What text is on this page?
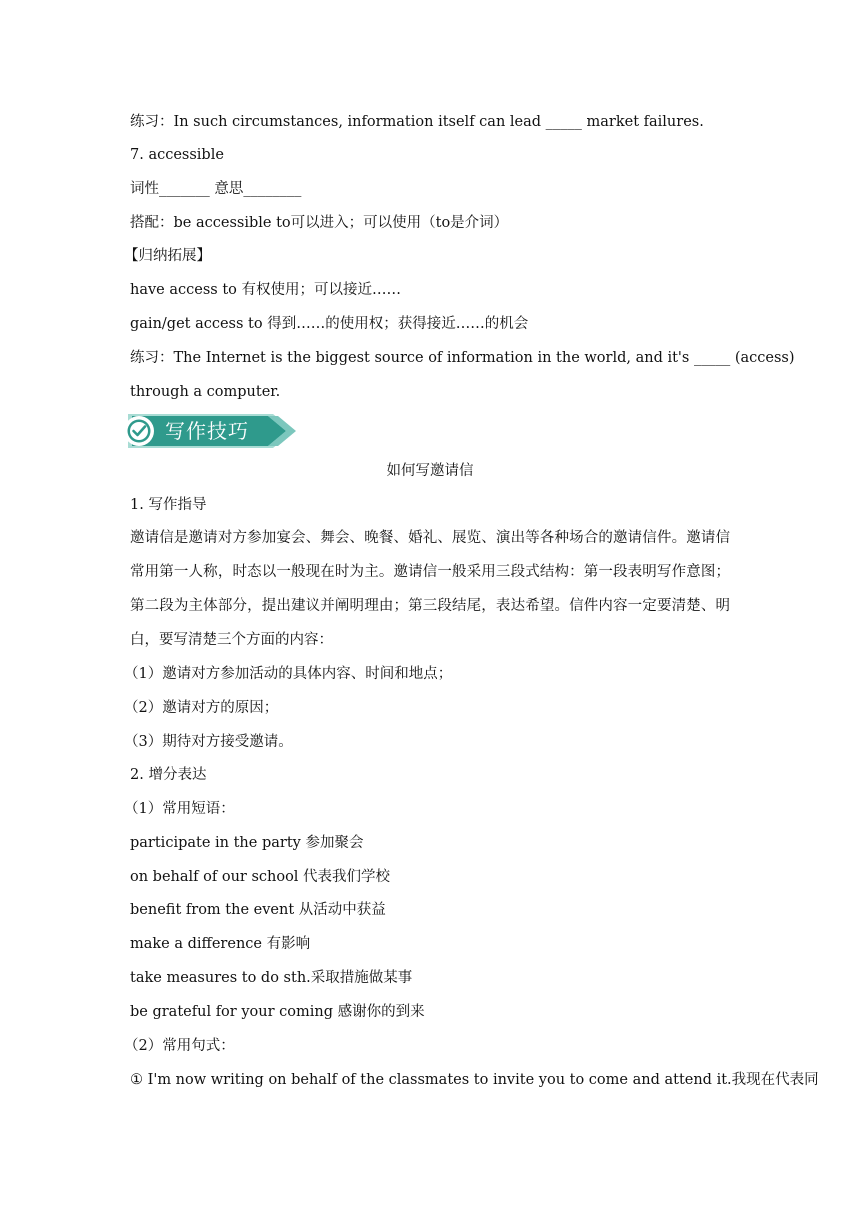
练习：In such circumstances, information itself can lead _____ market failures.
7. accessible
词性_______ 意思________
搭配：be accessible to可以进入；可以使用（to是介词）
【归纳拓展】
have access to 有权使用；可以接近……
gain/get access to 得到……的使用权；获得接近……的机会
练习：The Internet is the biggest source of information in the world, and it's _____ (access)
through a computer.
写作技巧
如何写邀请信
1. 写作指导
邀请信是邀请对方参加宴会、舞会、晚餐、婚礼、展览、演出等各种场合的邀请信件。邀请信常用第一人称，时态以一般现在时为主。邀请信一般采用三段式结构：第一段表明写作意图；第二段为主体部分，提出建议并阐明理由；第三段结尾，表达希望。信件内容一定要清楚、明白，要写清楚三个方面的内容：
（1）邀请对方参加活动的具体内容、时间和地点；
（2）邀请对方的原因；
（3）期待对方接受邀请。
2. 增分表达
（1）常用短语：
participate in the party 参加聚会
on behalf of our school 代表我们学校
benefit from the event 从活动中获益
make a difference 有影响
take measures to do sth.采取措施做某事
be grateful for your coming 感谢你的到来
（2）常用句式：
① I'm now writing on behalf of the classmates to invite you to come and attend it.我现在代表同
